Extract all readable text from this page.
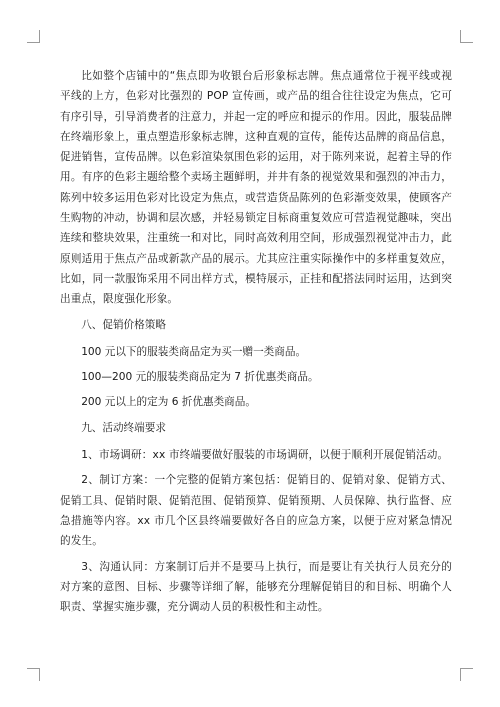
比如整个店铺中的“焦点即为收银台后形象标志牌。焦点通常位于视平线或视平线的上方，色彩对比强烈的 POP 宣传画，或产品的组合往往设定为焦点，它可有序引导，引导消费者的注意力，并起一定的呼应和提示的作用。因此，服装品牌在终端形象上，重点塑造形象标志牌，这种直观的宣传，能传达品牌的商品信息，促进销售，宣传品牌。以色彩渲染氛围色彩的运用，对于陈列来说，起着主导的作用。有序的色彩主题给整个卖场主题鲜明，并井有条的视觉效果和强烈的冲击力，陈列中较多运用色彩对比设定为焦点，或营造货品陈列的色彩渐变效果，使顾客产生购物的冲动，协调和层次感，并轻易锁定目标商重复效应可营造视觉趣味，突出连续和整块效果，注重统一和对比，同时高效利用空间，形成强烈视觉冲击力，此原则适用于焦点产品或新款产品的展示。尤其应注重实际操作中的多样重复效应，比如，同一款服饰采用不同出样方式，模特展示，正挂和配搭法同时运用，达到突出重点，限度强化形象。

八、促销价格策略

100 元以下的服装类商品定为买一赠一类商品。

100—200 元的服装类商品定为 7 折优惠类商品。

200 元以上的定为 6 折优惠类商品。

九、活动终端要求

1、市场调研：xx 市终端要做好服装的市场调研，以便于顺利开展促销活动。

2、制订方案：一个完整的促销方案包括：促销目的、促销对象、促销方式、促销工具、促销时限、促销范围、促销预算、促销预期、人员保障、执行监督、应急措施等内容。xx 市几个区县终端要做好各自的应急方案，以便于应对紧急情况的发生。

3、沟通认同：方案制订后并不是要马上执行，而是要让有关执行人员充分的对方案的意图、目标、步骤等详细了解，能够充分理解促销目的和目标、明确个人职责、掌握实施步骤，充分调动人员的积极性和主动性。
